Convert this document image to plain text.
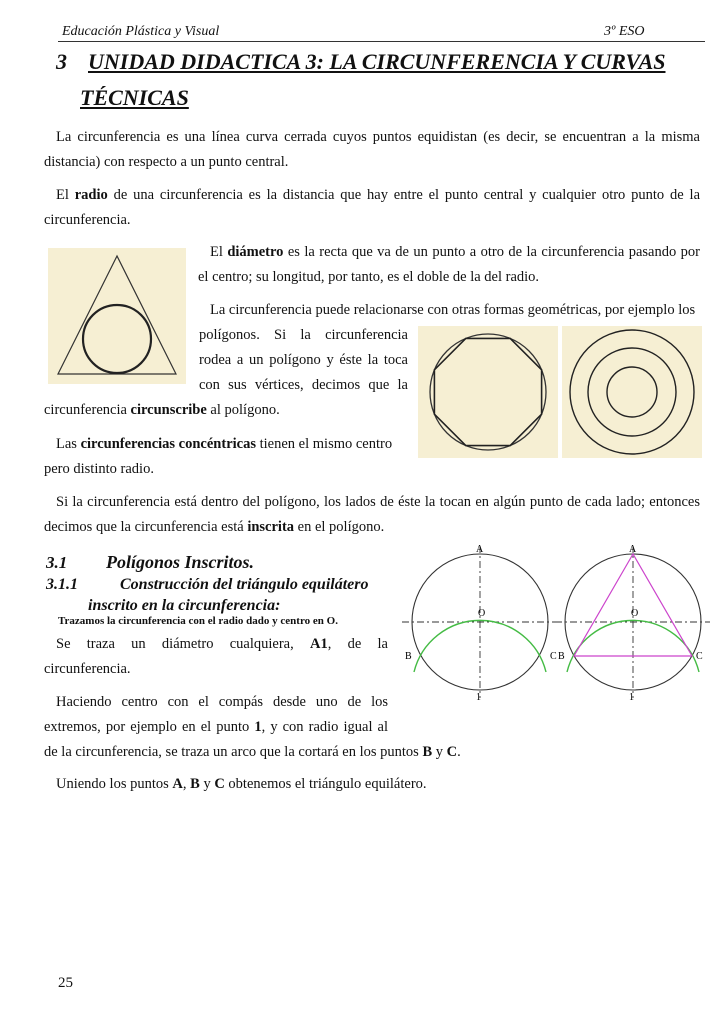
Educación Plástica y Visual	3º ESO
3 UNIDAD DIDACTICA 3: LA CIRCUNFERENCIA Y CURVAS
TÉCNICAS
La circunferencia es una línea curva cerrada cuyos puntos equidistan (es decir, se encuentran a la misma distancia) con respecto a un punto central.
El radio de una circunferencia es la distancia que hay entre el punto central y cualquier otro punto de la circunferencia.
El diámetro es la recta que va de un punto a otro de la circunferencia pasando por el centro; su longitud, por tanto, es el doble de la del radio.
La circunferencia puede relacionarse con otras formas geométricas, por ejemplo los
polígonos. Si la circunferencia
rodea a un polígono y éste la toca
con sus vértices, decimos que la
circunferencia circunscribe al polígono.
Las circunferencias concéntricas tienen el mismo centro
pero distinto radio.
Si la circunferencia está dentro del polígono, los lados de éste la tocan en algún punto de cada lado; entonces decimos que la circunferencia está inscrita en el polígono.
3.1 Polígonos Inscritos.
3.1.1	Construcción del triángulo equilátero
inscrito en la circunferencia:
Trazamos la circunferencia con el radio dado y centro en O.
Se traza un diámetro cualquiera, A1, de la
circunferencia.
Haciendo centro con el compás desde uno de los
extremos, por ejemplo en el punto 1, y con radio igual al
de la circunferencia, se traza un arco que la cortará en los puntos B y C.
Uniendo los puntos A, B y C obtenemos el triángulo equilátero.
A
O
B	C
1
A
O
B	C
1
25
